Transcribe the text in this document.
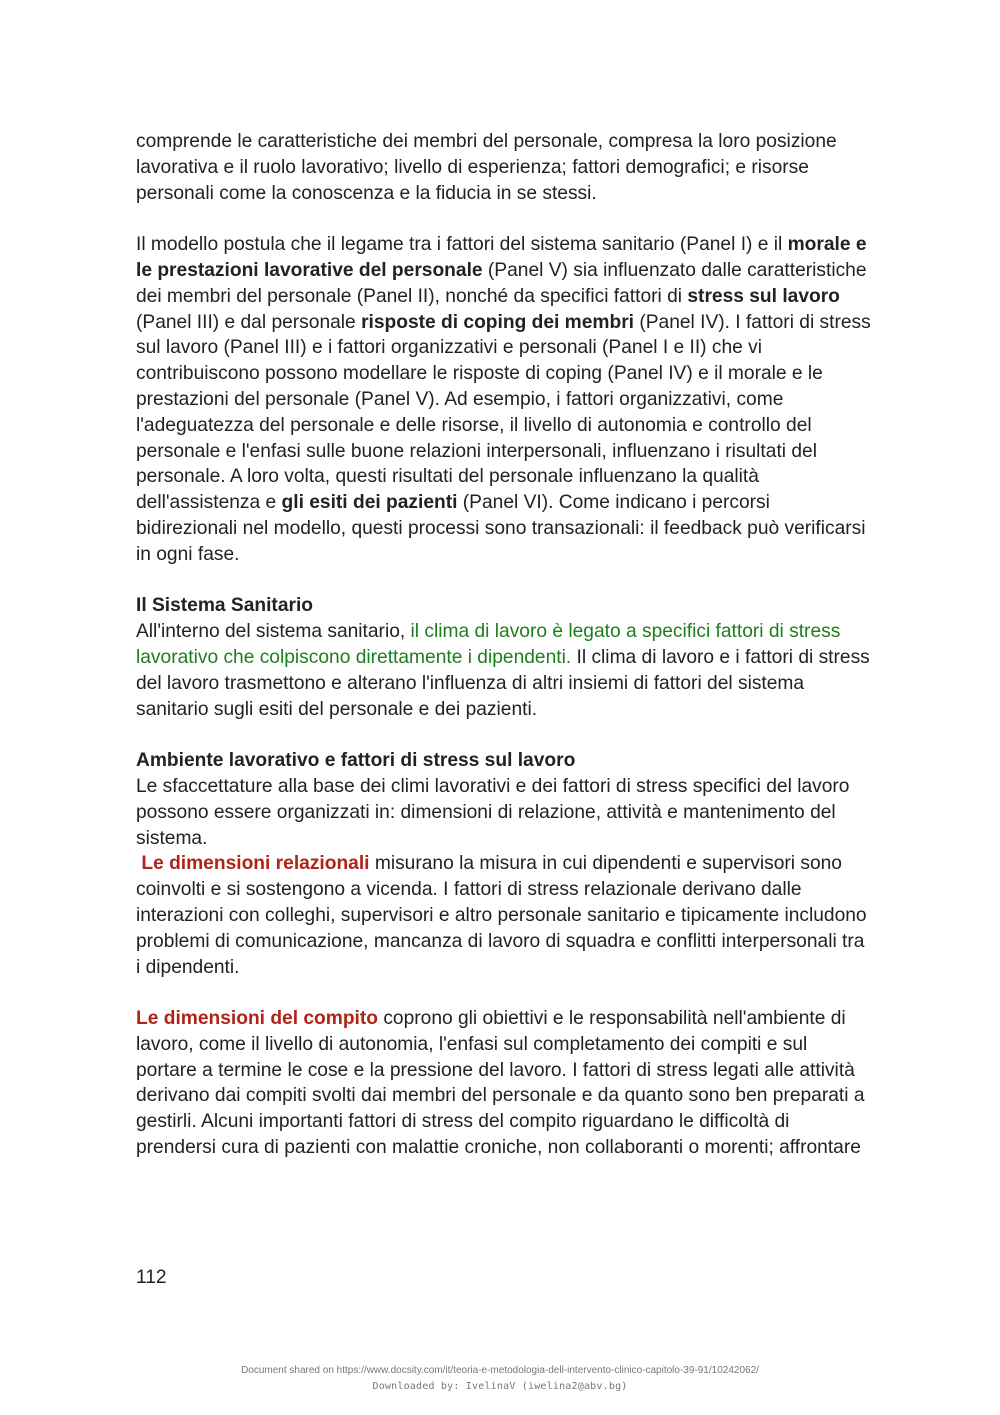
comprende le caratteristiche dei membri del personale, compresa la loro posizione lavorativa e il ruolo lavorativo; livello di esperienza; fattori demografici; e risorse personali come la conoscenza e la fiducia in se stessi.

Il modello postula che il legame tra i fattori del sistema sanitario (Panel I) e il morale e le prestazioni lavorative del personale (Panel V) sia influenzato dalle caratteristiche dei membri del personale (Panel II), nonché da specifici fattori di stress sul lavoro (Panel III) e dal personale risposte di coping dei membri (Panel IV). I fattori di stress sul lavoro (Panel III) e i fattori organizzativi e personali (Panel I e II) che vi contribuiscono possono modellare le risposte di coping (Panel IV) e il morale e le prestazioni del personale (Panel V). Ad esempio, i fattori organizzativi, come l'adeguatezza del personale e delle risorse, il livello di autonomia e controllo del personale e l'enfasi sulle buone relazioni interpersonali, influenzano i risultati del personale. A loro volta, questi risultati del personale influenzano la qualità dell'assistenza e gli esiti dei pazienti (Panel VI). Come indicano i percorsi bidirezionali nel modello, questi processi sono transazionali: il feedback può verificarsi in ogni fase.

Il Sistema Sanitario
All'interno del sistema sanitario, il clima di lavoro è legato a specifici fattori di stress lavorativo che colpiscono direttamente i dipendenti. Il clima di lavoro e i fattori di stress del lavoro trasmettono e alterano l'influenza di altri insiemi di fattori del sistema sanitario sugli esiti del personale e dei pazienti.

Ambiente lavorativo e fattori di stress sul lavoro
Le sfaccettature alla base dei climi lavorativi e dei fattori di stress specifici del lavoro possono essere organizzati in: dimensioni di relazione, attività e mantenimento del sistema.

Le dimensioni relazionali misurano la misura in cui dipendenti e supervisori sono coinvolti e si sostengono a vicenda. I fattori di stress relazionale derivano dalle interazioni con colleghi, supervisori e altro personale sanitario e tipicamente includono problemi di comunicazione, mancanza di lavoro di squadra e conflitti interpersonali tra i dipendenti.

Le dimensioni del compito coprono gli obiettivi e le responsabilità nell'ambiente di lavoro, come il livello di autonomia, l'enfasi sul completamento dei compiti e sul portare a termine le cose e la pressione del lavoro. I fattori di stress legati alle attività derivano dai compiti svolti dai membri del personale e da quanto sono ben preparati a gestirli. Alcuni importanti fattori di stress del compito riguardano le difficoltà di prendersi cura di pazienti con malattie croniche, non collaboranti o morenti; affrontare

112
Document shared on https://www.docsity.com/it/teoria-e-metodologia-dell-intervento-clinico-capitolo-39-91/10242062/
Downloaded by: IvelinaV (iwelina2@abv.bg)
